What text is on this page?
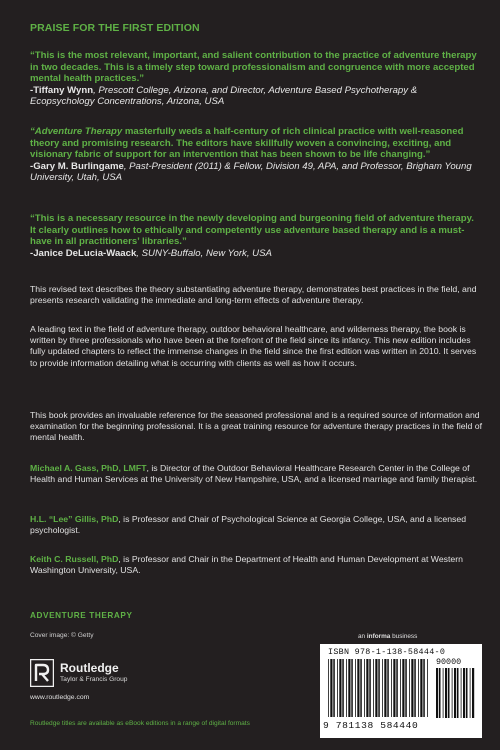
PRAISE FOR THE FIRST EDITION
“This is the most relevant, important, and salient contribution to the practice of adventure therapy in two decades. This is a timely step toward professionalism and congruence with more accepted mental health practices.”
-Tiffany Wynn, Prescott College, Arizona, and Director, Adventure Based Psychotherapy & Ecopsychology Concentrations, Arizona, USA
“Adventure Therapy masterfully weds a half-century of rich clinical practice with well-reasoned theory and promising research. The editors have skillfully woven a convincing, exciting, and visionary fabric of support for an intervention that has been shown to be life changing.”
-Gary M. Burlingame, Past-President (2011) & Fellow, Division 49, APA, and Professor, Brigham Young University, Utah, USA
“This is a necessary resource in the newly developing and burgeoning field of adventure therapy. It clearly outlines how to ethically and competently use adventure based therapy and is a must-have in all practitioners’ libraries.”
-Janice DeLucia-Waack, SUNY-Buffalo, New York, USA
This revised text describes the theory substantiating adventure therapy, demonstrates best practices in the field, and presents research validating the immediate and long-term effects of adventure therapy.
A leading text in the field of adventure therapy, outdoor behavioral healthcare, and wilderness therapy, the book is written by three professionals who have been at the forefront of the field since its infancy. This new edition includes fully updated chapters to reflect the immense changes in the field since the first edition was written in 2010. It serves to provide information detailing what is occurring with clients as well as how it occurs.
This book provides an invaluable reference for the seasoned professional and is a required source of information and examination for the beginning professional. It is a great training resource for adventure therapy practices in the field of mental health.
Michael A. Gass, PhD, LMFT, is Director of the Outdoor Behavioral Healthcare Research Center in the College of Health and Human Services at the University of New Hampshire, USA, and a licensed marriage and family therapist.
H.L. “Lee” Gillis, PhD, is Professor and Chair of Psychological Science at Georgia College, USA, and a licensed psychologist.
Keith C. Russell, PhD, is Professor and Chair in the Department of Health and Human Development at Western Washington University, USA.
ADVENTURE THERAPY
Cover image: © Getty
Routledge
Taylor & Francis Group
www.routledge.com
Routledge titles are available as eBook editions in a range of digital formats
an informa business
ISBN 978-1-138-58444-0
90000
9 781138 584440
